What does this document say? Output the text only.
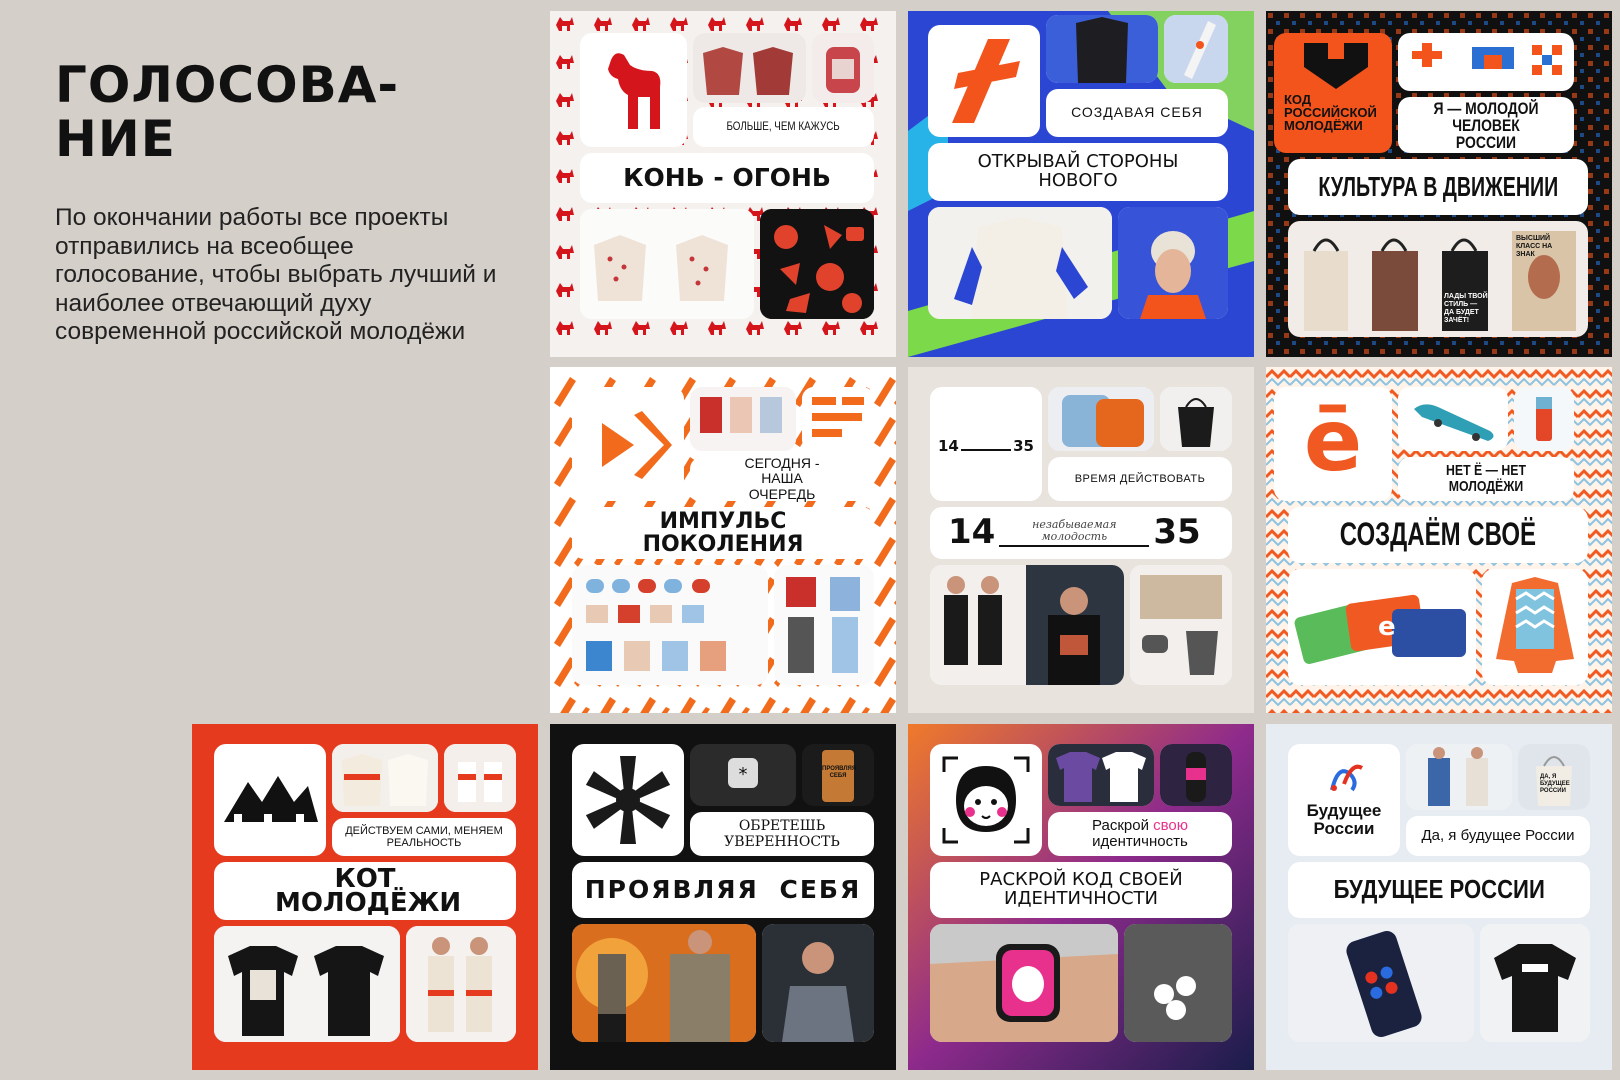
ГОЛОСОВА-
НИЕ
По окончании работы все проекты отправились на всеобщее голосование, чтобы выбрать лучший и наиболее отвечающий духу современной российской молодёжи
БОЛЬШЕ, ЧЕМ КАЖУСЬ
КОНЬ - ОГОНЬ
СОЗДАВАЯ СЕБЯ
ОТКРЫВАЙ СТОРОНЫ НОВОГО
КОД РОССИЙСКОЙ МОЛОДЁЖИ
Я — МОЛОДОЙ ЧЕЛОВЕК РОССИИ
КУЛЬТУРА В ДВИЖЕНИИ
ЛАДЫ ТВОЙ СТИЛЬ — ДА БУДЕТ ЗАЧЁТ!
ВЫСШИЙ КЛАСС НА ЗНАК
СЕГОДНЯ - НАША ОЧЕРЕДЬ
ИМПУЛЬС ПОКОЛЕНИЯ
14	35
ВРЕМЯ ДЕЙСТВОВАТЬ
14	незабываемая молодость	35
ē	НЕТ Ё — НЕТ МОЛОДЁЖИ
СОЗДАЁМ СВОЁ
e
ДЕЙСТВУЕМ САМИ, МЕНЯЕМ РЕАЛЬНОСТЬ
КОТ МОЛОДЁЖИ
*	ПРОЯВЛЯЯ СЕБЯ
ОБРЕТЕШЬ УВЕРЕННОСТЬ
ПРОЯВЛЯЯ СЕБЯ
Раскрой свою идентичность
РАСКРОЙ КОД СВОЕЙ ИДЕНТИЧНОСТИ
Будущее России
ДА, Я БУДУЩЕЕ РОССИИ
Да, я будущее России
БУДУЩЕЕ РОССИИ
